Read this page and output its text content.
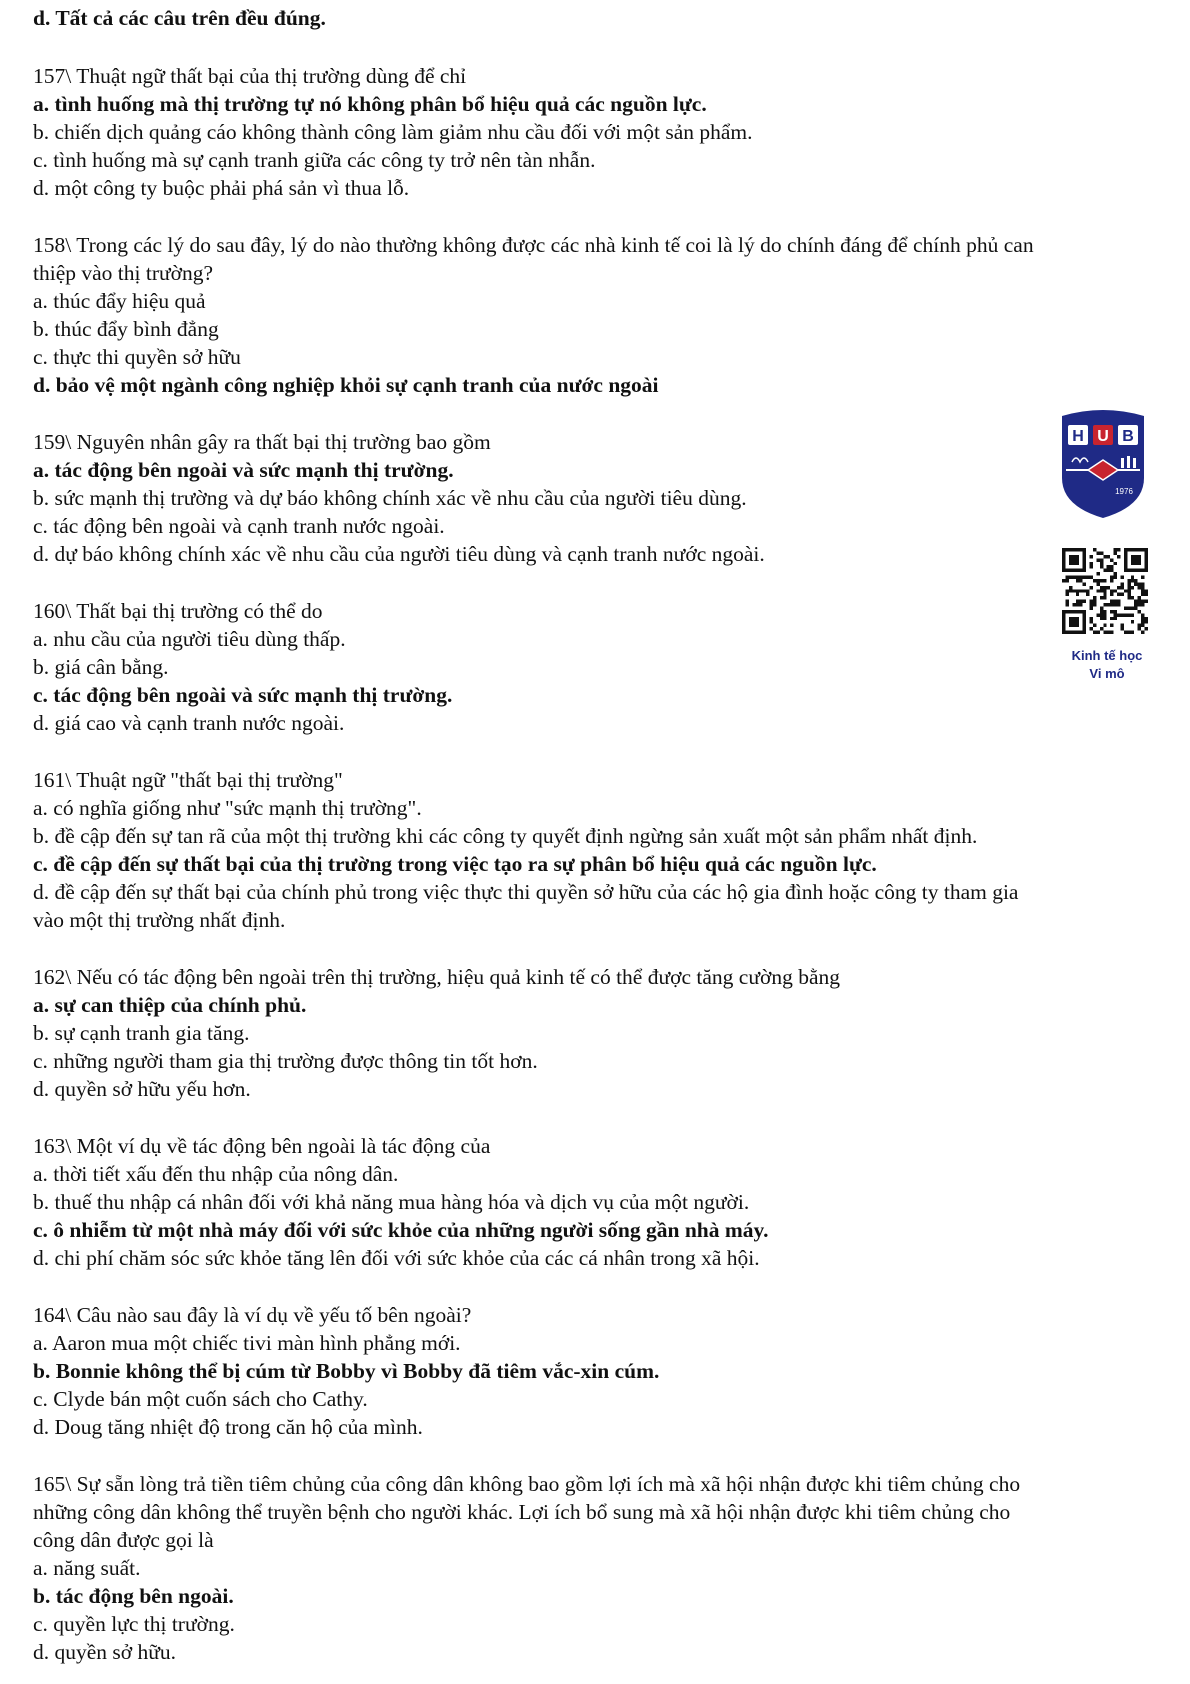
d. Tất cả các câu trên đều đúng.
157\ Thuật ngữ thất bại của thị trường dùng để chỉ
a. tình huống mà thị trường tự nó không phân bổ hiệu quả các nguồn lực.
b. chiến dịch quảng cáo không thành công làm giảm nhu cầu đối với một sản phẩm.
c. tình huống mà sự cạnh tranh giữa các công ty trở nên tàn nhẫn.
d. một công ty buộc phải phá sản vì thua lỗ.
158\ Trong các lý do sau đây, lý do nào thường không được các nhà kinh tế coi là lý do chính đáng để chính phủ can
thiệp vào thị trường?
a. thúc đẩy hiệu quả
b. thúc đẩy bình đẳng
c. thực thi quyền sở hữu
d. bảo vệ một ngành công nghiệp khỏi sự cạnh tranh của nước ngoài
159\ Nguyên nhân gây ra thất bại thị trường bao gồm
a. tác động bên ngoài và sức mạnh thị trường.
b. sức mạnh thị trường và dự báo không chính xác về nhu cầu của người tiêu dùng.
c. tác động bên ngoài và cạnh tranh nước ngoài.
d. dự báo không chính xác về nhu cầu của người tiêu dùng và cạnh tranh nước ngoài.
160\ Thất bại thị trường có thể do
a. nhu cầu của người tiêu dùng thấp.
b. giá cân bằng.
c. tác động bên ngoài và sức mạnh thị trường.
d. giá cao và cạnh tranh nước ngoài.
161\ Thuật ngữ "thất bại thị trường"
a. có nghĩa giống như "sức mạnh thị trường".
b. đề cập đến sự tan rã của một thị trường khi các công ty quyết định ngừng sản xuất một sản phẩm nhất định.
c. đề cập đến sự thất bại của thị trường trong việc tạo ra sự phân bổ hiệu quả các nguồn lực.
d. đề cập đến sự thất bại của chính phủ trong việc thực thi quyền sở hữu của các hộ gia đình hoặc công ty tham gia
vào một thị trường nhất định.
162\ Nếu có tác động bên ngoài trên thị trường, hiệu quả kinh tế có thể được tăng cường bằng
a. sự can thiệp của chính phủ.
b. sự cạnh tranh gia tăng.
c. những người tham gia thị trường được thông tin tốt hơn.
d. quyền sở hữu yếu hơn.
163\ Một ví dụ về tác động bên ngoài là tác động của
a. thời tiết xấu đến thu nhập của nông dân.
b. thuế thu nhập cá nhân đối với khả năng mua hàng hóa và dịch vụ của một người.
c. ô nhiễm từ một nhà máy đối với sức khỏe của những người sống gần nhà máy.
d. chi phí chăm sóc sức khỏe tăng lên đối với sức khỏe của các cá nhân trong xã hội.
164\ Câu nào sau đây là ví dụ về yếu tố bên ngoài?
a. Aaron mua một chiếc tivi màn hình phẳng mới.
b. Bonnie không thể bị cúm từ Bobby vì Bobby đã tiêm vắc-xin cúm.
c. Clyde bán một cuốn sách cho Cathy.
d. Doug tăng nhiệt độ trong căn hộ của mình.
165\ Sự sẵn lòng trả tiền tiêm chủng của công dân không bao gồm lợi ích mà xã hội nhận được khi tiêm chủng cho
những công dân không thể truyền bệnh cho người khác. Lợi ích bổ sung mà xã hội nhận được khi tiêm chủng cho
công dân được gọi là
a. năng suất.
b. tác động bên ngoài.
c. quyền lực thị trường.
d. quyền sở hữu.
H U B
1976
Kinh tế học
Vi mô
